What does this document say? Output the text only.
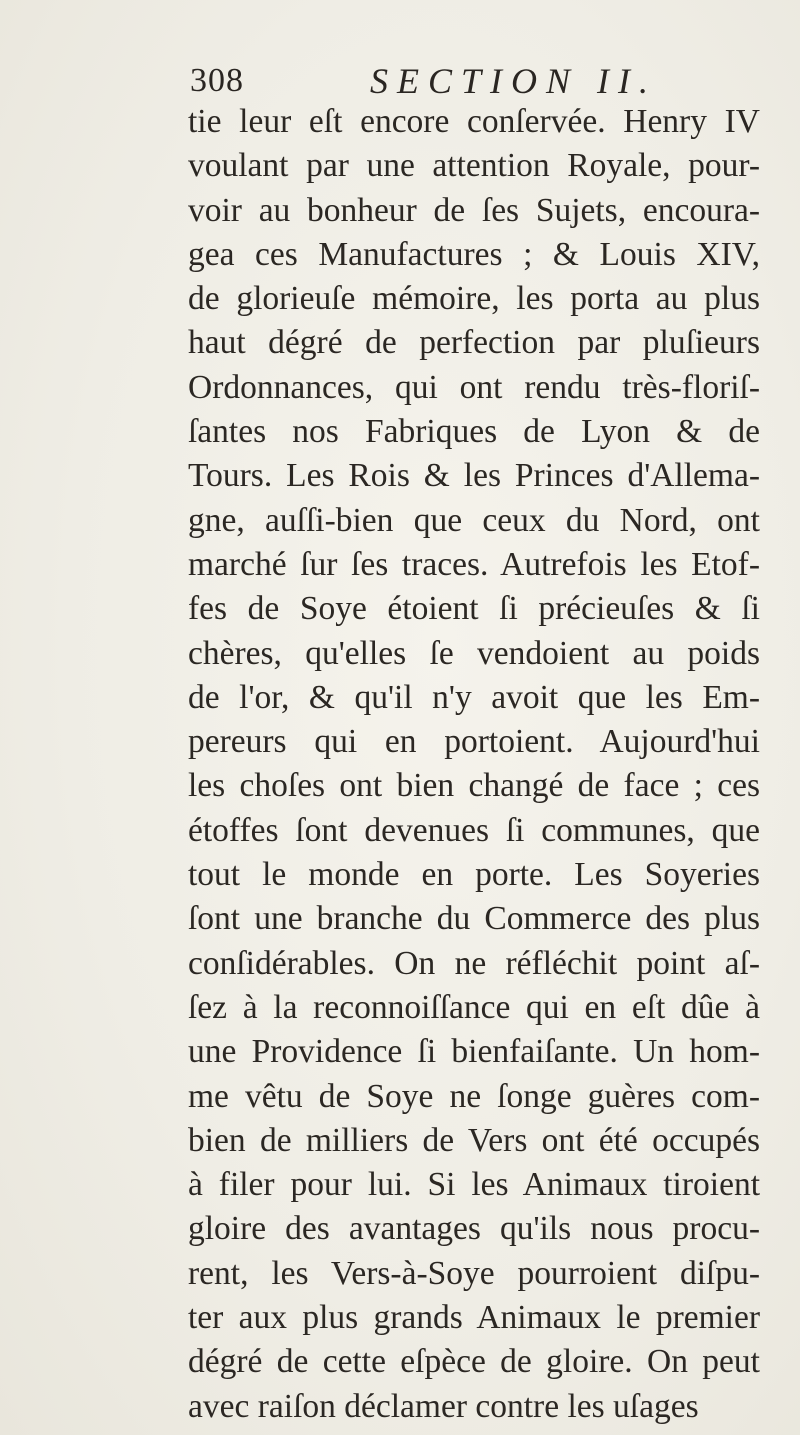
308	SECTION II.
tie leur eſt encore conſervée. Henry IV
voulant par une attention Royale, pour-
voir au bonheur de ſes Sujets, encoura-
gea ces Manufactures ; & Louis XIV,
de glorieuſe mémoire, les porta au plus
haut dégré de perfection par pluſieurs
Ordonnances, qui ont rendu très-floriſ-
ſantes nos Fabriques de Lyon & de
Tours. Les Rois & les Princes d'Allema-
gne, auſſi-bien que ceux du Nord, ont
marché ſur ſes traces. Autrefois les Etof-
fes de Soye étoient ſi précieuſes & ſi
chères, qu'elles ſe vendoient au poids
de l'or, & qu'il n'y avoit que les Em-
pereurs qui en portoient. Aujourd'hui
les choſes ont bien changé de face ; ces
étoffes ſont devenues ſi communes, que
tout le monde en porte. Les Soyeries
ſont une branche du Commerce des plus
conſidérables. On ne réfléchit point aſ-
ſez à la reconnoiſſance qui en eſt dûe à
une Providence ſi bienfaiſante. Un hom-
me vêtu de Soye ne ſonge guères com-
bien de milliers de Vers ont été occupés
à filer pour lui. Si les Animaux tiroient
gloire des avantages qu'ils nous procu-
rent, les Vers-à-Soye pourroient diſpu-
ter aux plus grands Animaux le premier
dégré de cette eſpèce de gloire. On peut
avec raiſon déclamer contre les uſages
